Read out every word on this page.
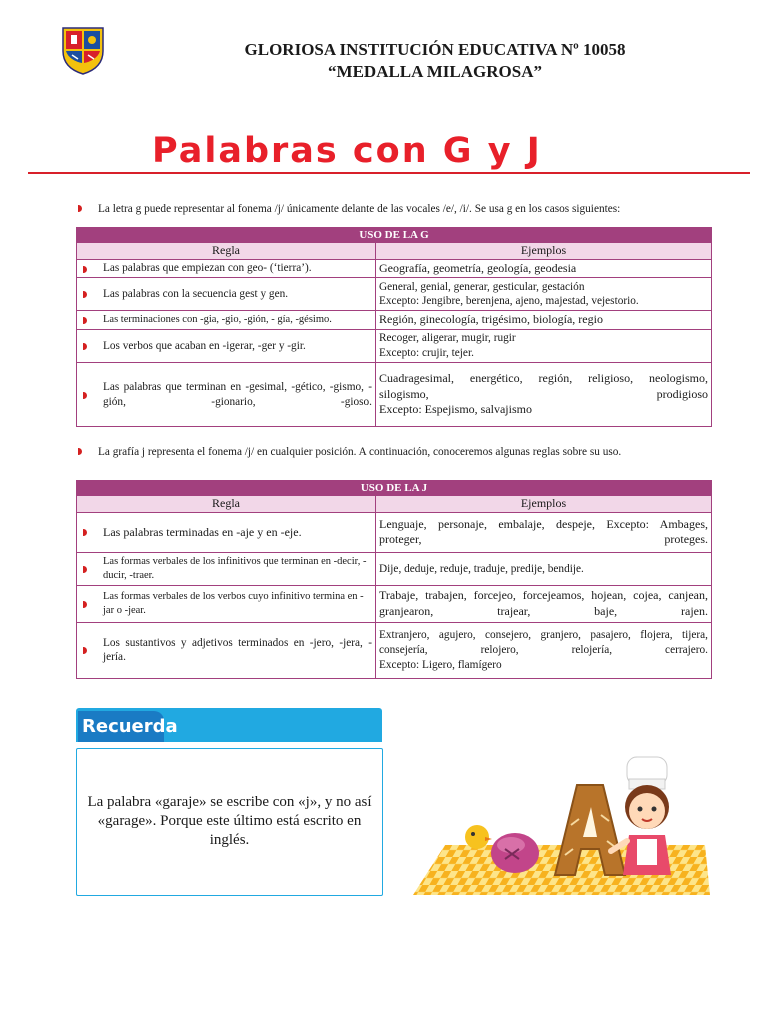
GLORIOSA INSTITUCIÓN EDUCATIVA Nº 10058
“MEDALLA MILAGROSA”
Palabras con G y J
La letra g puede representar al fonema /j/ únicamente delante de las vocales /e/, /i/. Se usa g en los casos siguientes:
USO DE LA G	
Regla	Ejemplos

Las palabras que empiezan con geo- (‘tierra’).	Geografía, geometría, geología, geodesia

Las palabras con la secuencia gest y gen.	General, genial, generar, gesticular, gestación
Excepto: Jengibre, berenjena, ajeno, majestad, vejestorio.

Las terminaciones con -gia, -gio, -gión, - gía, -gésimo.	Región, ginecología, trigésimo, biología, regio

Los verbos que acaban en -igerar, -ger y -gir.	Recoger, aligerar, mugir, rugir
Excepto: crujir, tejer.

Las palabras que terminan en -gesimal, -gético, -gismo, -gión, -gionario, -gioso.	Cuadragesimal, energético, región, religioso, neologismo, silogismo, prodigioso
Excepto: Espejismo, salvajismo
La grafía j representa el fonema /j/ en cualquier posición. A continuación, conoceremos algunas reglas sobre su uso.
USO DE LA J	
Regla	Ejemplos

Las palabras terminadas en -aje y en -eje.	Lenguaje, personaje, embalaje, despeje, Excepto: Ambages, proteger, proteges.

Las formas verbales de los infinitivos que terminan en -decir, -ducir, -traer.	Dije, deduje, reduje, traduje, predije, bendije.

Las formas verbales de los verbos cuyo infinitivo termina en -jar o -jear.	Trabaje, trabajen, forcejeo, forcejeamos, hojean, cojea, canjean, granjearon, trajear, baje, rajen.

Los sustantivos y adjetivos terminados en -jero, -jera, -jería.	Extranjero, agujero, consejero, granjero, pasajero, flojera, tijera, consejería, relojero, relojería, cerrajero.
Excepto: Ligero, flamígero
Recuerda
La palabra «garaje» se escribe con «j», y no así «garage». Porque este último está escrito en inglés.
